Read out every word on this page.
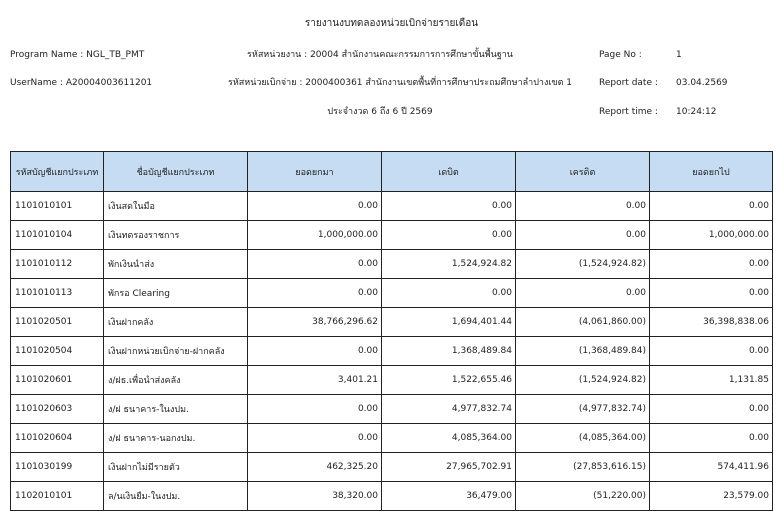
รายงานงบทดลองหน่วยเบิกจ่ายรายเดือน
Program Name : NGL_TB_PMT	รหัสหน่วยงาน : 20004 สำนักงานคณะกรรมการการศึกษาขั้นพื้นฐาน	Page No :	1
UserName : A20004003611201	รหัสหน่วยเบิกจ่าย : 2000400361 สำนักงานเขตพื้นที่การศึกษาประถมศึกษาลำปางเขต 1	Report date : 03.04.2569
ประจำงวด 6 ถึง 6 ปี 2569	Report time : 10:24:12
รหัสบัญชีแยกประเภท	ชื่อบัญชีแยกประเภท	ยอดยกมา	เดบิต	เครดิต	ยอดยกไป
1101010101	เงินสดในมือ	0.00	0.00	0.00	0.00
1101010104	เงินทดรองราชการ	1,000,000.00	0.00	0.00	1,000,000.00
1101010112	พักเงินนำส่ง	0.00	1,524,924.82	(1,524,924.82)	0.00
1101010113	พักรอ Clearing	0.00	0.00	0.00	0.00
1101020501	เงินฝากคลัง	38,766,296.62	1,694,401.44	(4,061,860.00)	36,398,838.06
1101020504	เงินฝากหน่วยเบิกจ่าย-ฝากคลัง	0.00	1,368,489.84	(1,368,489.84)	0.00
1101020601	ง/ฝธ.เพื่อนำส่งคลัง	3,401.21	1,522,655.46	(1,524,924.82)	1,131.85
1101020603	ง/ฝ ธนาคาร-ในงปม.	0.00	4,977,832.74	(4,977,832.74)	0.00
1101020604	ง/ฝ ธนาคาร-นอกงปม.	0.00	4,085,364.00	(4,085,364.00)	0.00
1101030199	เงินฝากไม่มีรายตัว	462,325.20	27,965,702.91	(27,853,616.15)	574,411.96
1102010101	ล/นเงินยืม-ในงปม.	38,320.00	36,479.00	(51,220.00)	23,579.00
